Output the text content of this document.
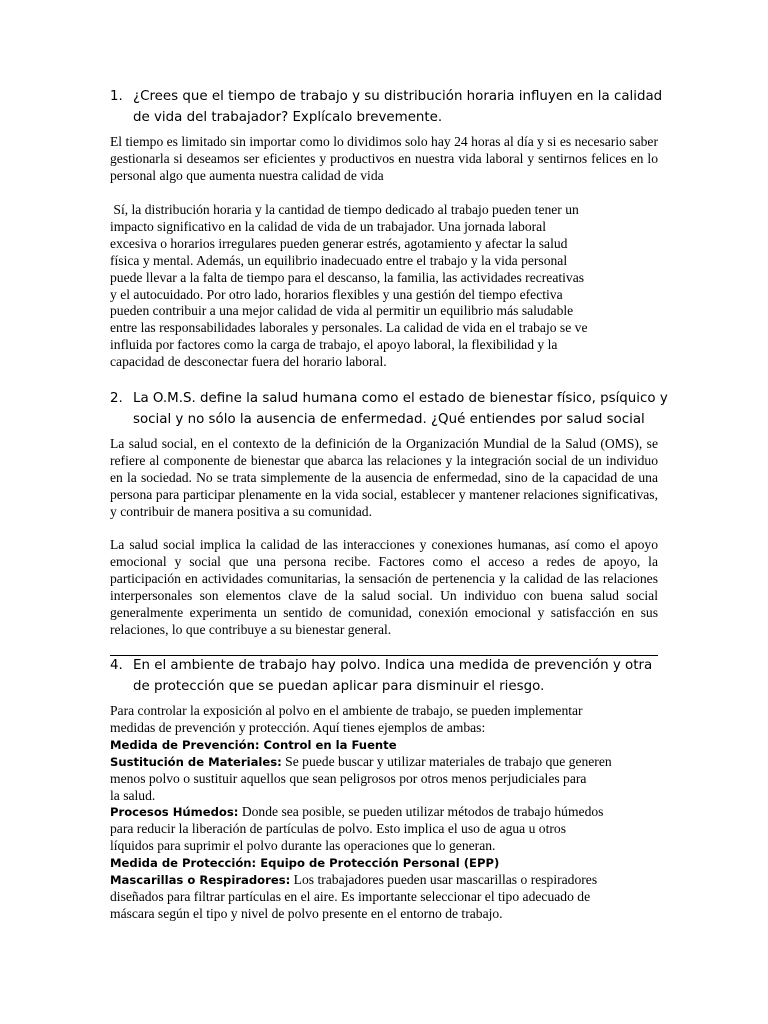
1. ¿Crees que el tiempo de trabajo y su distribución horaria influyen en la calidad de vida del trabajador? Explícalo brevemente.
El tiempo es limitado sin importar como lo dividimos solo hay 24 horas al día y si es necesario saber gestionarla si deseamos ser eficientes y productivos en nuestra vida laboral y sentirnos felices en lo personal algo que aumenta nuestra calidad de vida
Sí, la distribución horaria y la cantidad de tiempo dedicado al trabajo pueden tener un
impacto significativo en la calidad de vida de un trabajador. Una jornada laboral
excesiva o horarios irregulares pueden generar estrés, agotamiento y afectar la salud
física y mental. Además, un equilibrio inadecuado entre el trabajo y la vida personal
puede llevar a la falta de tiempo para el descanso, la familia, las actividades recreativas
y el autocuidado. Por otro lado, horarios flexibles y una gestión del tiempo efectiva
pueden contribuir a una mejor calidad de vida al permitir un equilibrio más saludable
entre las responsabilidades laborales y personales. La calidad de vida en el trabajo se ve
influida por factores como la carga de trabajo, el apoyo laboral, la flexibilidad y la
capacidad de desconectar fuera del horario laboral.
2. La O.M.S. define la salud humana como el estado de bienestar físico, psíquico y social y no sólo la ausencia de enfermedad. ¿Qué entiendes por salud social
La salud social, en el contexto de la definición de la Organización Mundial de la Salud (OMS), se refiere al componente de bienestar que abarca las relaciones y la integración social de un individuo en la sociedad. No se trata simplemente de la ausencia de enfermedad, sino de la capacidad de una persona para participar plenamente en la vida social, establecer y mantener relaciones significativas, y contribuir de manera positiva a su comunidad.
La salud social implica la calidad de las interacciones y conexiones humanas, así como el apoyo emocional y social que una persona recibe. Factores como el acceso a redes de apoyo, la participación en actividades comunitarias, la sensación de pertenencia y la calidad de las relaciones interpersonales son elementos clave de la salud social. Un individuo con buena salud social generalmente experimenta un sentido de comunidad, conexión emocional y satisfacción en sus relaciones, lo que contribuye a su bienestar general.
4. En el ambiente de trabajo hay polvo. Indica una medida de prevención y otra de protección que se puedan aplicar para disminuir el riesgo.
Para controlar la exposición al polvo en el ambiente de trabajo, se pueden implementar
medidas de prevención y protección. Aquí tienes ejemplos de ambas:
Medida de Prevención: Control en la Fuente
Sustitución de Materiales: Se puede buscar y utilizar materiales de trabajo que generen
menos polvo o sustituir aquellos que sean peligrosos por otros menos perjudiciales para
la salud.
Procesos Húmedos: Donde sea posible, se pueden utilizar métodos de trabajo húmedos
para reducir la liberación de partículas de polvo. Esto implica el uso de agua u otros
líquidos para suprimir el polvo durante las operaciones que lo generan.
Medida de Protección: Equipo de Protección Personal (EPP)
Mascarillas o Respiradores: Los trabajadores pueden usar mascarillas o respiradores
diseñados para filtrar partículas en el aire. Es importante seleccionar el tipo adecuado de
máscara según el tipo y nivel de polvo presente en el entorno de trabajo.
